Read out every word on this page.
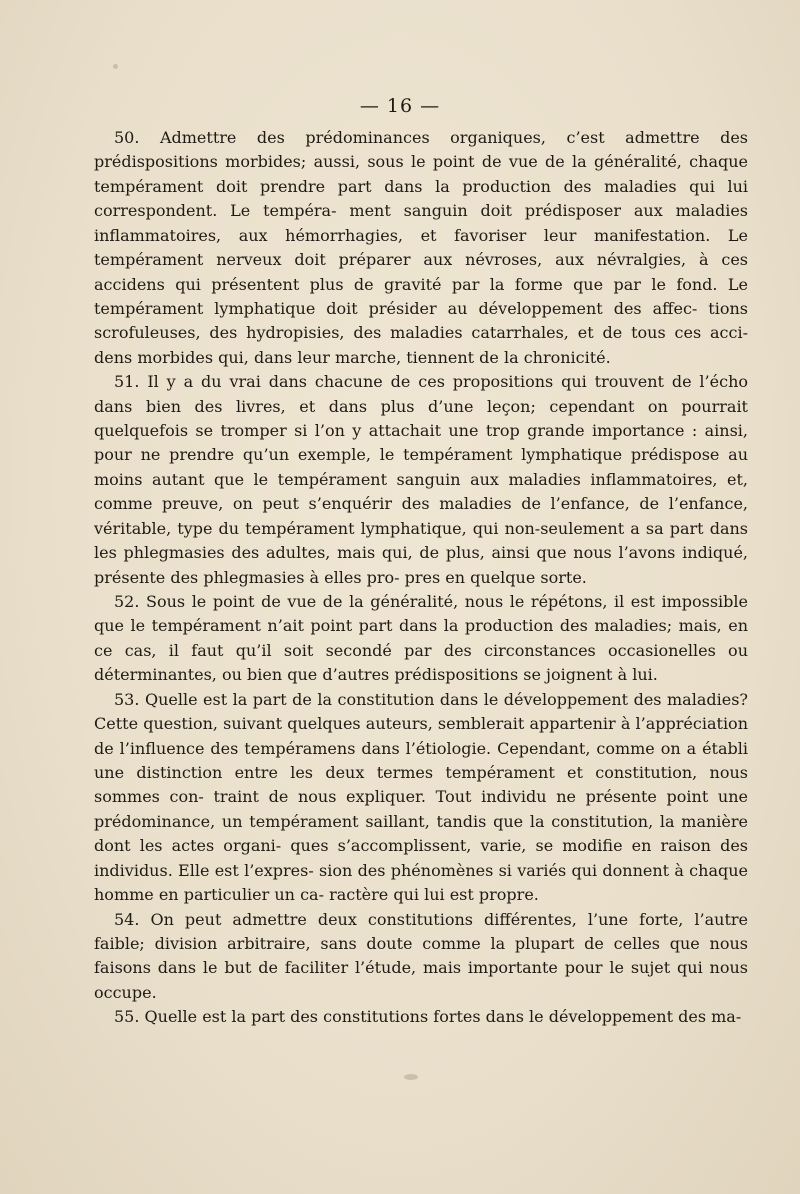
— 16 —

50. Admettre des prédominances organiques, c’est admettre des prédispositions morbides; aussi, sous le point de vue de la généralité, chaque tempérament doit prendre part dans la production des maladies qui lui correspondent. Le tempéra- ment sanguin doit prédisposer aux maladies inflammatoires, aux hémorrhagies, et favoriser leur manifestation. Le tempérament nerveux doit préparer aux névroses, aux névralgies, à ces accidens qui présentent plus de gravité par la forme que par le fond. Le tempérament lymphatique doit présider au développement des affec- tions scrofuleuses, des hydropisies, des maladies catarrhales, et de tous ces acci- dens morbides qui, dans leur marche, tiennent de la chronicité.

51. Il y a du vrai dans chacune de ces propositions qui trouvent de l’écho dans bien des livres, et dans plus d’une leçon; cependant on pourrait quelquefois se tromper si l’on y attachait une trop grande importance : ainsi, pour ne prendre qu’un exemple, le tempérament lymphatique prédispose au moins autant que le tempérament sanguin aux maladies inflammatoires, et, comme preuve, on peut s’enquérir des maladies de l’enfance, de l’enfance, véritable, type du tempérament lymphatique, qui non-seulement a sa part dans les phlegmasies des adultes, mais qui, de plus, ainsi que nous l’avons indiqué, présente des phlegmasies à elles pro- pres en quelque sorte.

52. Sous le point de vue de la généralité, nous le répétons, il est impossible que le tempérament n’ait point part dans la production des maladies; mais, en ce cas, il faut qu’il soit secondé par des circonstances occasionelles ou déterminantes, ou bien que d’autres prédispositions se joignent à lui.

53. Quelle est la part de la constitution dans le développement des maladies? Cette question, suivant quelques auteurs, semblerait appartenir à l’appréciation de l’influence des tempéramens dans l’étiologie. Cependant, comme on a établi une distinction entre les deux termes tempérament et constitution, nous sommes con- traint de nous expliquer. Tout individu ne présente point une prédominance, un tempérament saillant, tandis que la constitution, la manière dont les actes organi- ques s’accomplissent, varie, se modifie en raison des individus. Elle est l’expres- sion des phénomènes si variés qui donnent à chaque homme en particulier un ca- ractère qui lui est propre.

54. On peut admettre deux constitutions différentes, l’une forte, l’autre faible; division arbitraire, sans doute comme la plupart de celles que nous faisons dans le but de faciliter l’étude, mais importante pour le sujet qui nous occupe.

55. Quelle est la part des constitutions fortes dans le développement des ma-
